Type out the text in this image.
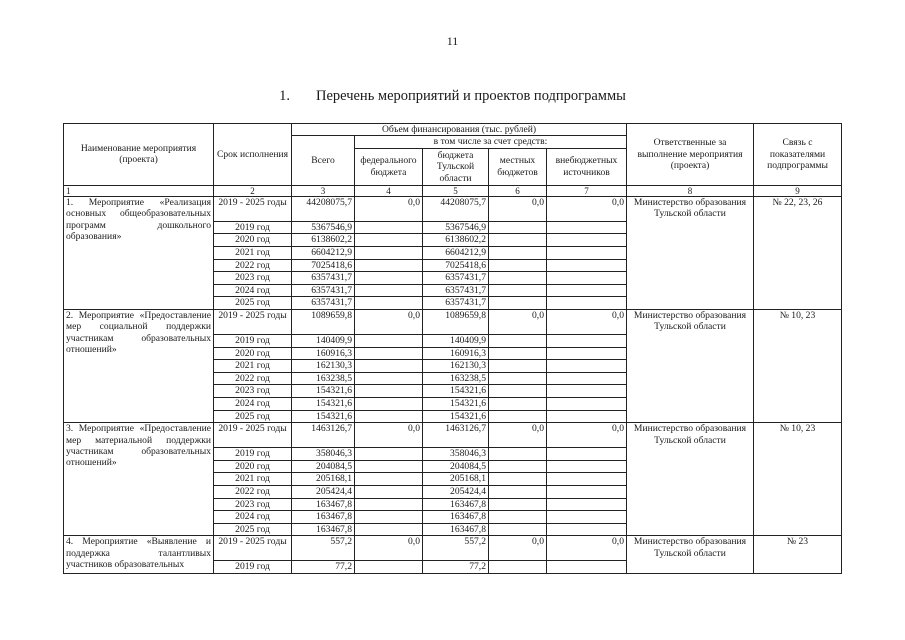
11
1. Перечень мероприятий и проектов подпрограммы
Наименование мероприятия (проекта)	Срок исполнения	Объем финансирования (тыс. рублей)					Ответственные за выполнение мероприятия (проекта)	Связь с показателями подпрограммы
		Всего	в том числе за счет средств:					
			федерального бюджета	бюджета Тульской области	местных бюджетов	внебюджетных источников		
1	2	3	4	5	6	7	8	9
1. Мероприятие «Реализация основных общеобразовательных программ дошкольного образования»	2019 - 2025 годы	44208075,7	0,0	44208075,7	0,0	0,0	Министерство образования Тульской области	№ 22, 23, 26
	2019 год	5367546,9		5367546,9				
	2020 год	6138602,2		6138602,2				
	2021 год	6604212,9		6604212,9				
	2022 год	7025418,6		7025418,6				
	2023 год	6357431,7		6357431,7				
	2024 год	6357431,7		6357431,7				
	2025 год	6357431,7		6357431,7				
2. Мероприятие «Предоставление мер социальной поддержки участникам образовательных отношений»	2019 - 2025 годы	1089659,8	0,0	1089659,8	0,0	0,0	Министерство образования Тульской области	№ 10, 23
	2019 год	140409,9		140409,9				
	2020 год	160916,3		160916,3				
	2021 год	162130,3		162130,3				
	2022 год	163238,5		163238,5				
	2023 год	154321,6		154321,6				
	2024 год	154321,6		154321,6				
	2025 год	154321,6		154321,6				
3. Мероприятие «Предоставление мер материальной поддержки участникам образовательных отношений»	2019 - 2025 годы	1463126,7	0,0	1463126,7	0,0	0,0	Министерство образования Тульской области	№ 10, 23
	2019 год	358046,3		358046,3				
	2020 год	204084,5		204084,5				
	2021 год	205168,1		205168,1				
	2022 год	205424,4		205424,4				
	2023 год	163467,8		163467,8				
	2024 год	163467,8		163467,8				
	2025 год	163467,8		163467,8				
4. Мероприятие «Выявление и поддержка талантливых участников образовательных	2019 - 2025 годы	557,2	0,0	557,2	0,0	0,0	Министерство образования Тульской области	№ 23
	2019 год	77,2		77,2				
